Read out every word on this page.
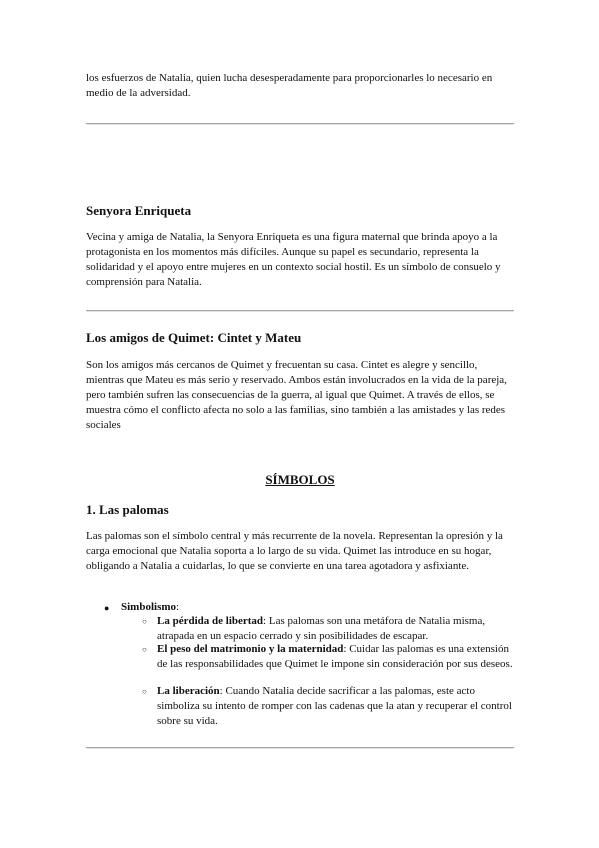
los esfuerzos de Natalia, quien lucha desesperadamente para proporcionarles lo necesario en medio de la adversidad.

Senyora Enriqueta

Vecina y amiga de Natalia, la Senyora Enriqueta es una figura maternal que brinda apoyo a la protagonista en los momentos más difíciles. Aunque su papel es secundario, representa la solidaridad y el apoyo entre mujeres en un contexto social hostil. Es un símbolo de consuelo y comprensión para Natalia.

Los amigos de Quimet: Cintet y Mateu

Son los amigos más cercanos de Quimet y frecuentan su casa. Cintet es alegre y sencillo, mientras que Mateu es más serio y reservado. Ambos están involucrados en la vida de la pareja, pero también sufren las consecuencias de la guerra, al igual que Quimet. A través de ellos, se muestra cómo el conflicto afecta no solo a las familias, sino también a las amistades y las redes sociales

SÍMBOLOS
1. Las palomas

Las palomas son el símbolo central y más recurrente de la novela. Representan la opresión y la carga emocional que Natalia soporta a lo largo de su vida. Quimet las introduce en su hogar, obligando a Natalia a cuidarlas, lo que se convierte en una tarea agotadora y asfixiante.

● Simbolismo:
○ La pérdida de libertad: Las palomas son una metáfora de Natalia misma, atrapada en un espacio cerrado y sin posibilidades de escapar.
○ El peso del matrimonio y la maternidad: Cuidar las palomas es una extensión de las responsabilidades que Quimet le impone sin consideración por sus deseos.
○ La liberación: Cuando Natalia decide sacrificar a las palomas, este acto simboliza su intento de romper con las cadenas que la atan y recuperar el control sobre su vida.
